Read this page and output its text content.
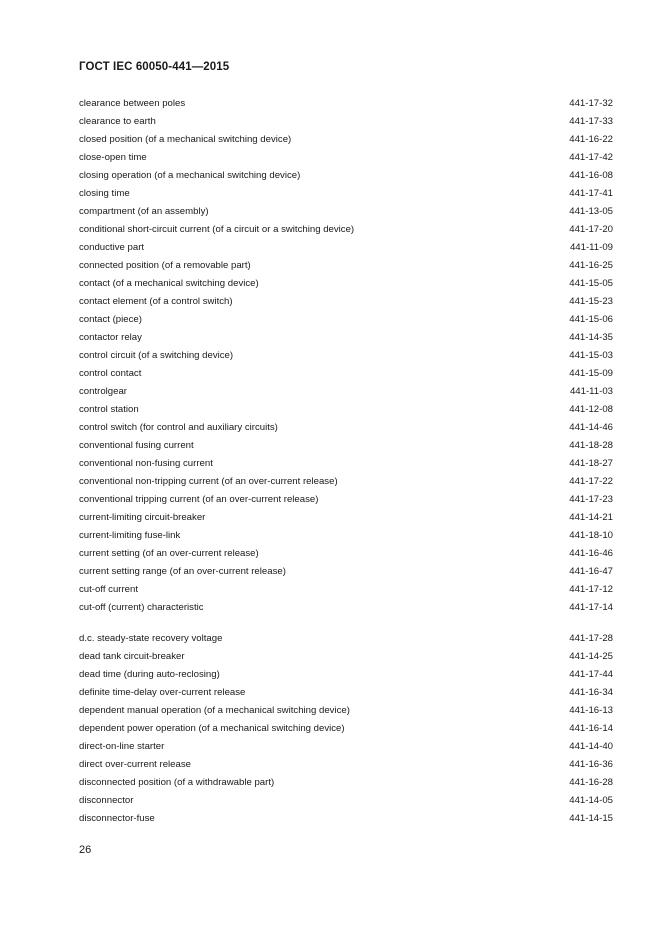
ГОСТ IEC 60050-441—2015
clearance between poles	441-17-32
clearance to earth	441-17-33
closed position (of a mechanical switching device)	441-16-22
close-open time	441-17-42
closing operation (of a mechanical switching device)	441-16-08
closing time	441-17-41
compartment (of an assembly)	441-13-05
conditional short-circuit current (of a circuit or a switching device)	441-17-20
conductive part	441-11-09
connected position (of a removable part)	441-16-25
contact (of a mechanical switching device)	441-15-05
contact element (of a control switch)	441-15-23
contact (piece)	441-15-06
contactor relay	441-14-35
control circuit (of a switching device)	441-15-03
control contact	441-15-09
controlgear	441-11-03
control station	441-12-08
control switch (for control and auxiliary circuits)	441-14-46
conventional fusing current	441-18-28
conventional non-fusing current	441-18-27
conventional non-tripping current (of an over-current release)	441-17-22
conventional tripping current (of an over-current release)	441-17-23
current-limiting circuit-breaker	441-14-21
current-limiting fuse-link	441-18-10
current setting (of an over-current release)	441-16-46
current setting range (of an over-current release)	441-16-47
cut-off current	441-17-12
cut-off (current) characteristic	441-17-14
d.c. steady-state recovery voltage	441-17-28
dead tank circuit-breaker	441-14-25
dead time (during auto-reclosing)	441-17-44
definite time-delay over-current release	441-16-34
dependent manual operation (of a mechanical switching device)	441-16-13
dependent power operation (of a mechanical switching device)	441-16-14
direct-on-line starter	441-14-40
direct over-current release	441-16-36
disconnected position (of a withdrawable part)	441-16-28
disconnector	441-14-05
disconnector-fuse	441-14-15
26
